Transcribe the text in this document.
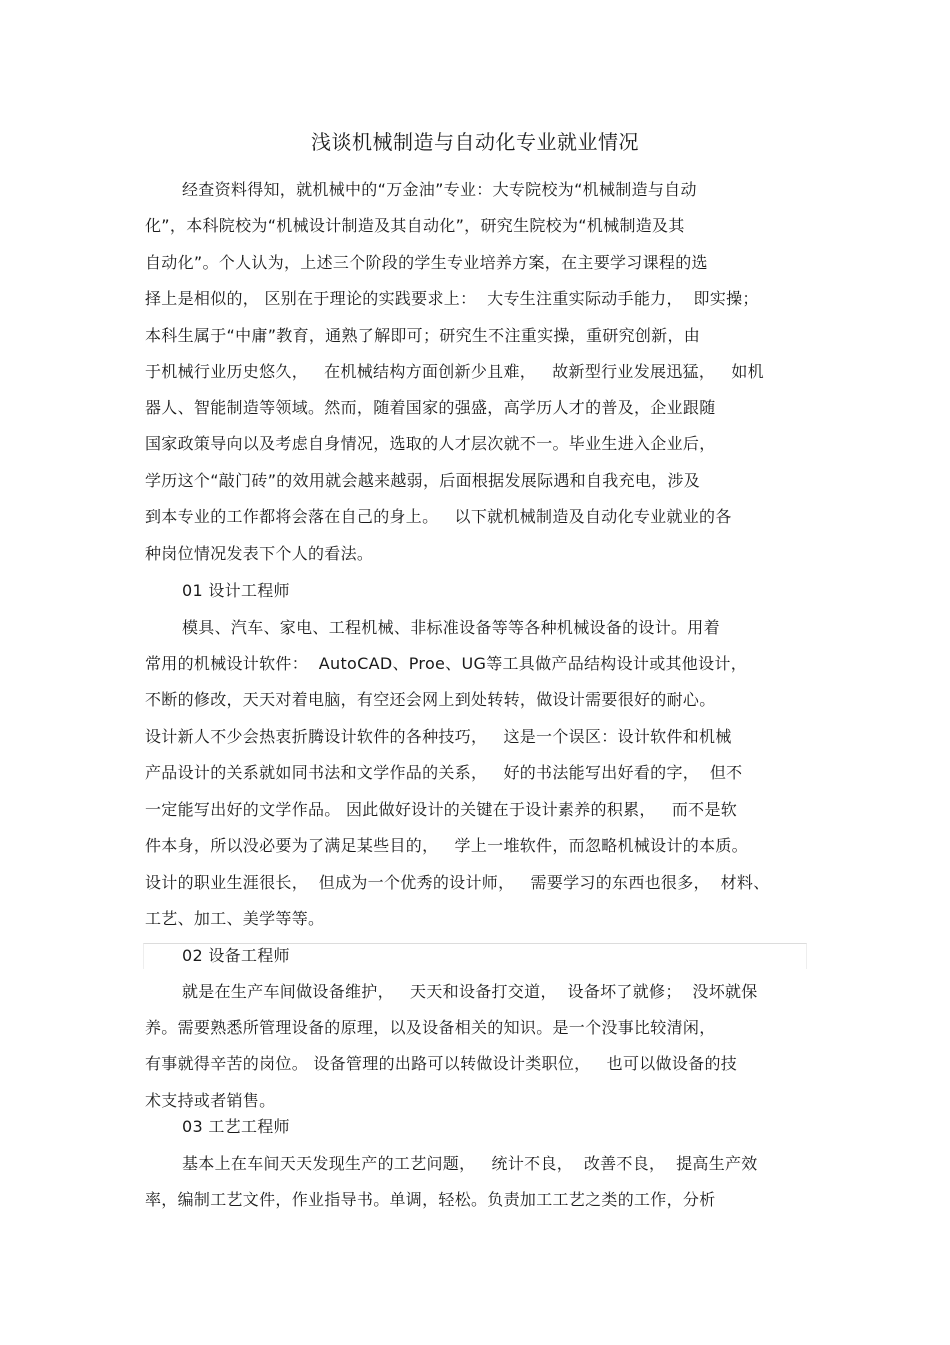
浅谈机械制造与自动化专业就业情况
经查资料得知，就机械中的“万金油”专业：大专院校为“机械制造与自动
化”，本科院校为“机械设计制造及其自动化”，研究生院校为“机械制造及其
自动化”。个人认为，上述三个阶段的学生专业培养方案，在主要学习课程的选
择上是相似的， 区别在于理论的实践要求上：  大专生注重实际动手能力，  即实操；
本科生属于“中庸”教育，通熟了解即可；研究生不注重实操，重研究创新，由
于机械行业历史悠久，   在机械结构方面创新少且难，   故新型行业发展迅猛，   如机
器人、智能制造等领域。然而，随着国家的强盛，高学历人才的普及，企业跟随
国家政策导向以及考虑自身情况，选取的人才层次就不一。毕业生进入企业后，
学历这个“敲门砖”的效用就会越来越弱，后面根据发展际遇和自我充电，涉及
到本专业的工作都将会落在自己的身上。   以下就机械制造及自动化专业就业的各
种岗位情况发表下个人的看法。
01 设计工程师
模具、汽车、家电、工程机械、非标准设备等等各种机械设备的设计。用着
常用的机械设计软件：  AutoCAD、Proe、UG等工具做产品结构设计或其他设计，
不断的修改，天天对着电脑，有空还会网上到处转转，做设计需要很好的耐心。
设计新人不少会热衷折腾设计软件的各种技巧，   这是一个误区：设计软件和机械
产品设计的关系就如同书法和文学作品的关系，   好的书法能写出好看的字，  但不
一定能写出好的文学作品。 因此做好设计的关键在于设计素养的积累，   而不是软
件本身，所以没必要为了满足某些目的，   学上一堆软件，而忽略机械设计的本质。
设计的职业生涯很长，  但成为一个优秀的设计师，   需要学习的东西也很多，  材料、
工艺、加工、美学等等。
02 设备工程师
就是在生产车间做设备维护，   天天和设备打交道，  设备坏了就修；  没坏就保
养。需要熟悉所管理设备的原理，以及设备相关的知识。是一个没事比较清闲，
有事就得辛苦的岗位。 设备管理的出路可以转做设计类职位，   也可以做设备的技
术支持或者销售。
03 工艺工程师
基本上在车间天天发现生产的工艺问题，   统计不良，  改善不良，  提高生产效
率，编制工艺文件，作业指导书。单调，轻松。负责加工工艺之类的工作，分析
